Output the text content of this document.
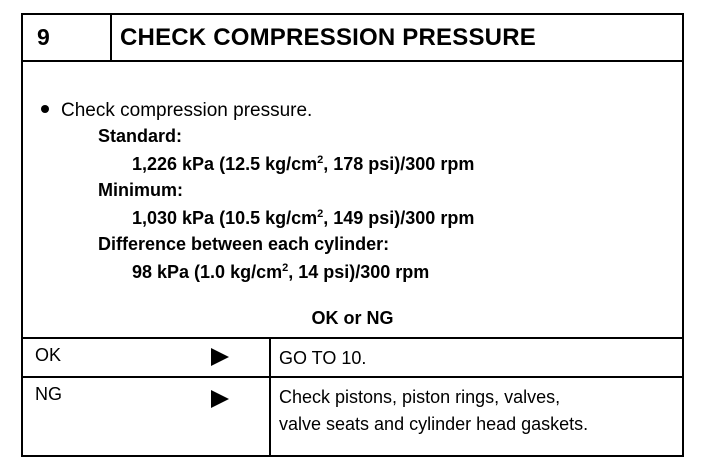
9	CHECK COMPRESSION PRESSURE
Check compression pressure.
Standard:
1,226 kPa (12.5 $kg/cm^2$, 178 psi)/300 rpm
Minimum:
1,030 kPa (10.5 $kg/cm^2$, 149 psi)/300 rpm
Difference between each cylinder:
98 kPa (1.0 $kg/cm^2$, 14 psi)/300 rpm
OK or NG
OK	GO TO 10.
NG	Check pistons, piston rings, valves,
valve seats and cylinder head gaskets.
